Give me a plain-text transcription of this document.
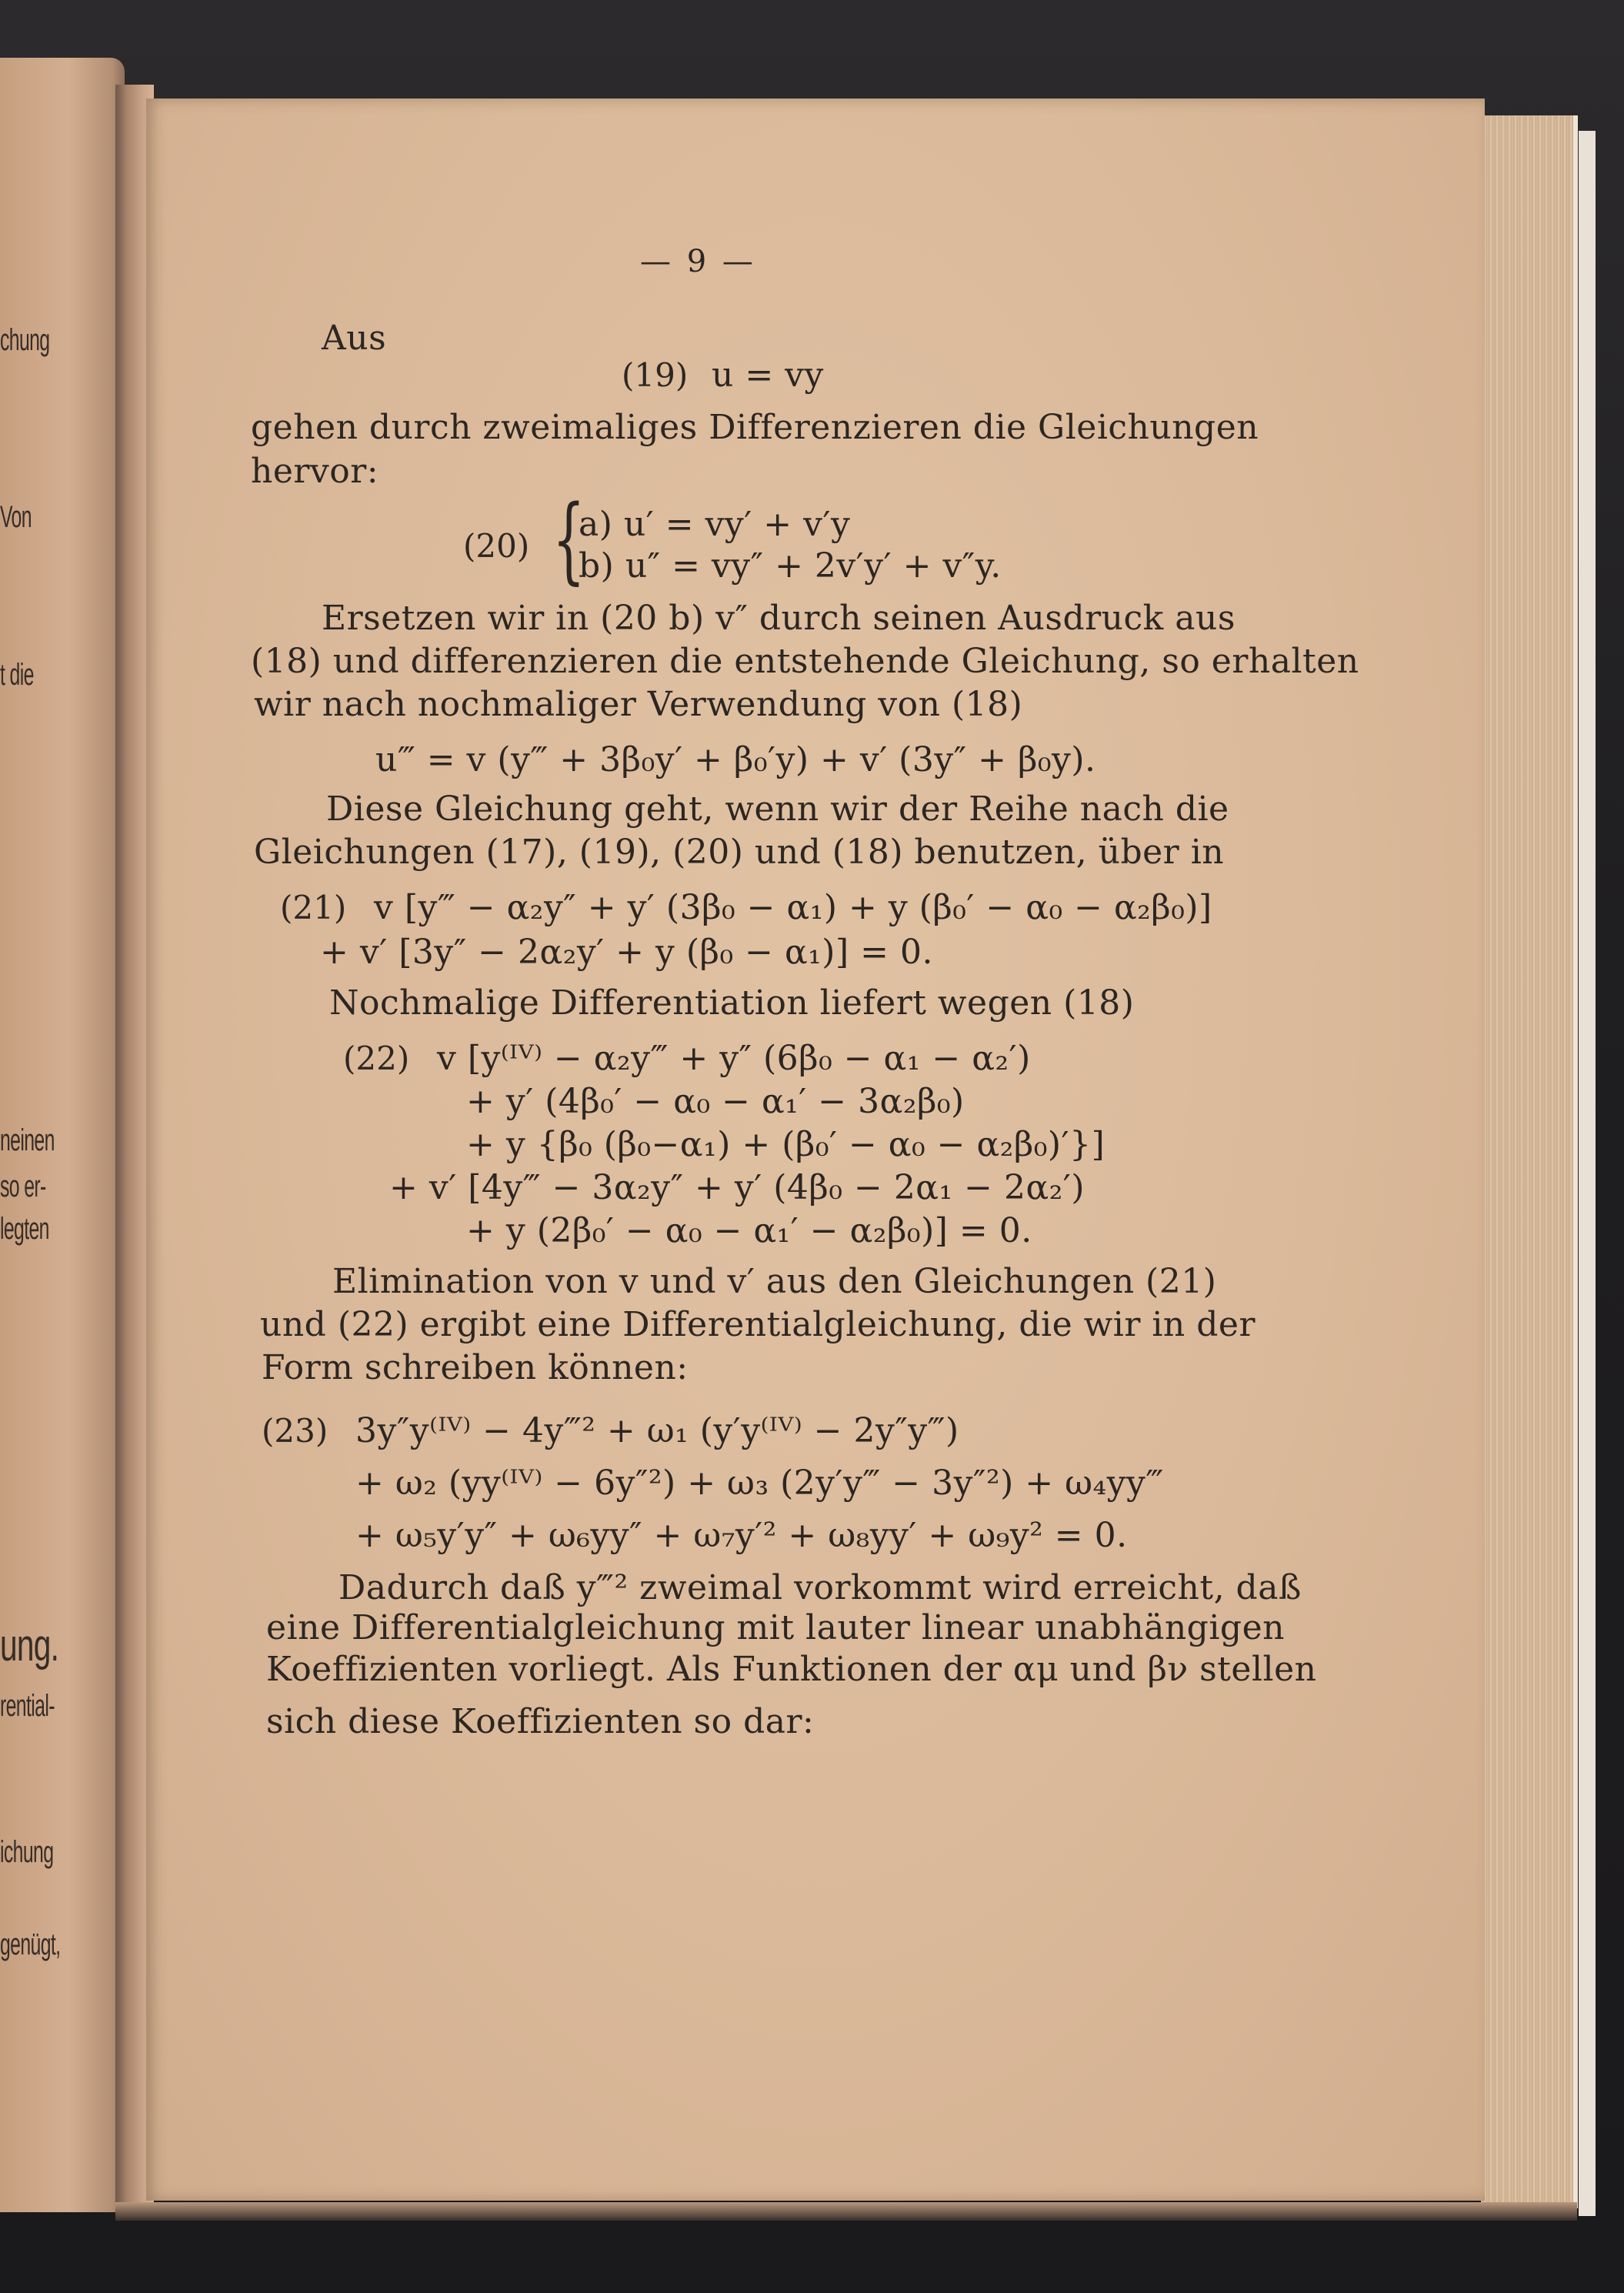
chung
Von
t die
neinen
so er-
legten
ung.
rential-
ichung
genügt,
— 9 —
Aus
(19) u = vy
gehen durch zweimaliges Differenzieren die Gleichungen
hervor:
(20) {
a) u′ = vy′ + v′y
b) u″ = vy″ + 2v′y′ + v″y.
Ersetzen wir in (20 b) v″ durch seinen Ausdruck aus
(18) und differenzieren die entstehende Gleichung, so erhalten
wir nach nochmaliger Verwendung von (18)
u‴ = v (y‴ + 3β₀y′ + β₀′y) + v′ (3y″ + β₀y).
Diese Gleichung geht, wenn wir der Reihe nach die
Gleichungen (17), (19), (20) und (18) benutzen, über in
(21) v [y‴ − α₂y″ + y′ (3β₀ − α₁) + y (β₀′ − α₀ − α₂β₀)]
+ v′ [3y″ − 2α₂y′ + y (β₀ − α₁)] = 0.
Nochmalige Differentiation liefert wegen (18)
(22) v [y⁽ᴵⱽ⁾ − α₂y‴ + y″ (6β₀ − α₁ − α₂′)
+ y′ (4β₀′ − α₀ − α₁′ − 3α₂β₀)
+ y {β₀ (β₀−α₁) + (β₀′ − α₀ − α₂β₀)′}]
+ v′ [4y‴ − 3α₂y″ + y′ (4β₀ − 2α₁ − 2α₂′)
+ y (2β₀′ − α₀ − α₁′ − α₂β₀)] = 0.
Elimination von v und v′ aus den Gleichungen (21)
und (22) ergibt eine Differentialgleichung, die wir in der
Form schreiben können:
(23) 3y″y⁽ᴵⱽ⁾ − 4y‴² + ω₁ (y′y⁽ᴵⱽ⁾ − 2y″y‴)
+ ω₂ (yy⁽ᴵⱽ⁾ − 6y″²) + ω₃ (2y′y‴ − 3y″²) + ω₄yy‴
+ ω₅y′y″ + ω₆yy″ + ω₇y′² + ω₈yy′ + ω₉y² = 0.
Dadurch daß y‴² zweimal vorkommt wird erreicht, daß
eine Differentialgleichung mit lauter linear unabhängigen
Koeffizienten vorliegt. Als Funktionen der αμ und βν stellen
sich diese Koeffizienten so dar:
